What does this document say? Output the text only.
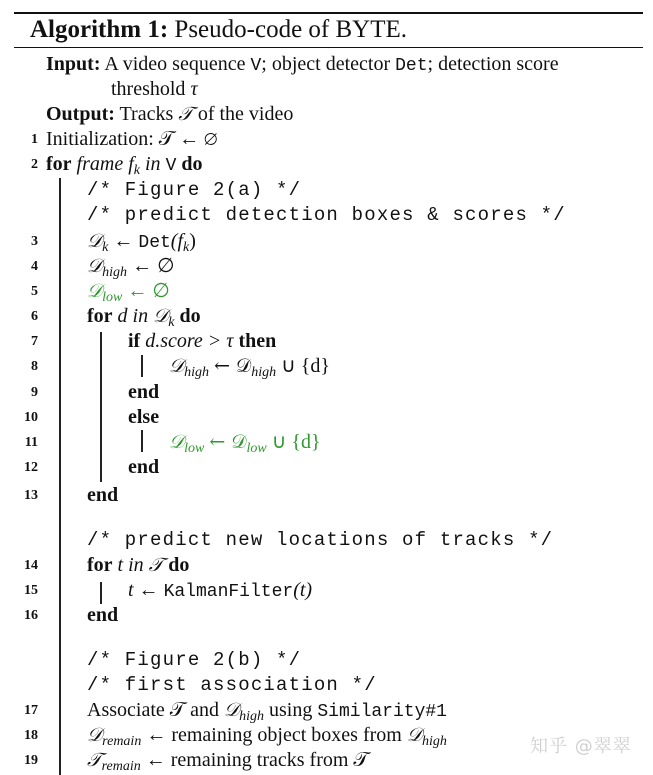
Algorithm 1: Pseudo-code of BYTE.
Input: A video sequence V; object detector Det; detection score
threshold τ
Output: Tracks 𝒯 of the video
1 Initialization: 𝒯 ← ∅
2 for frame $f_k$ in V do
/* Figure 2(a) */
/* predict detection boxes & scores */
3	𝒟$_k$ ← $Det(f_k)$
4	𝒟$_{high}$ ← ∅
5	𝒟$_{low}$ ← ∅
6 for d in 𝒟$_k$ do
7	if d.score > τ then
8	𝒟$_{high}$ ← 𝒟$_{high}$ ∪ {d}
9	end
10	else
11	𝒟$_{low}$ ← 𝒟$_{low}$ ∪ {d}
12	end
13 end
/* predict new locations of tracks */
14 for t in 𝒯 do
15	t ← KalmanFilter(t)
16 end
/* Figure 2(b) */
/* first association */
17 Associate 𝒯 and 𝒟$_{high}$ using Similarity#1
18	𝒟$_{remain}$ ← remaining object boxes from 𝒟$_{high}$
19	𝒯$_{remain}$ ← remaining tracks from 𝒯
知乎 @翠翠
